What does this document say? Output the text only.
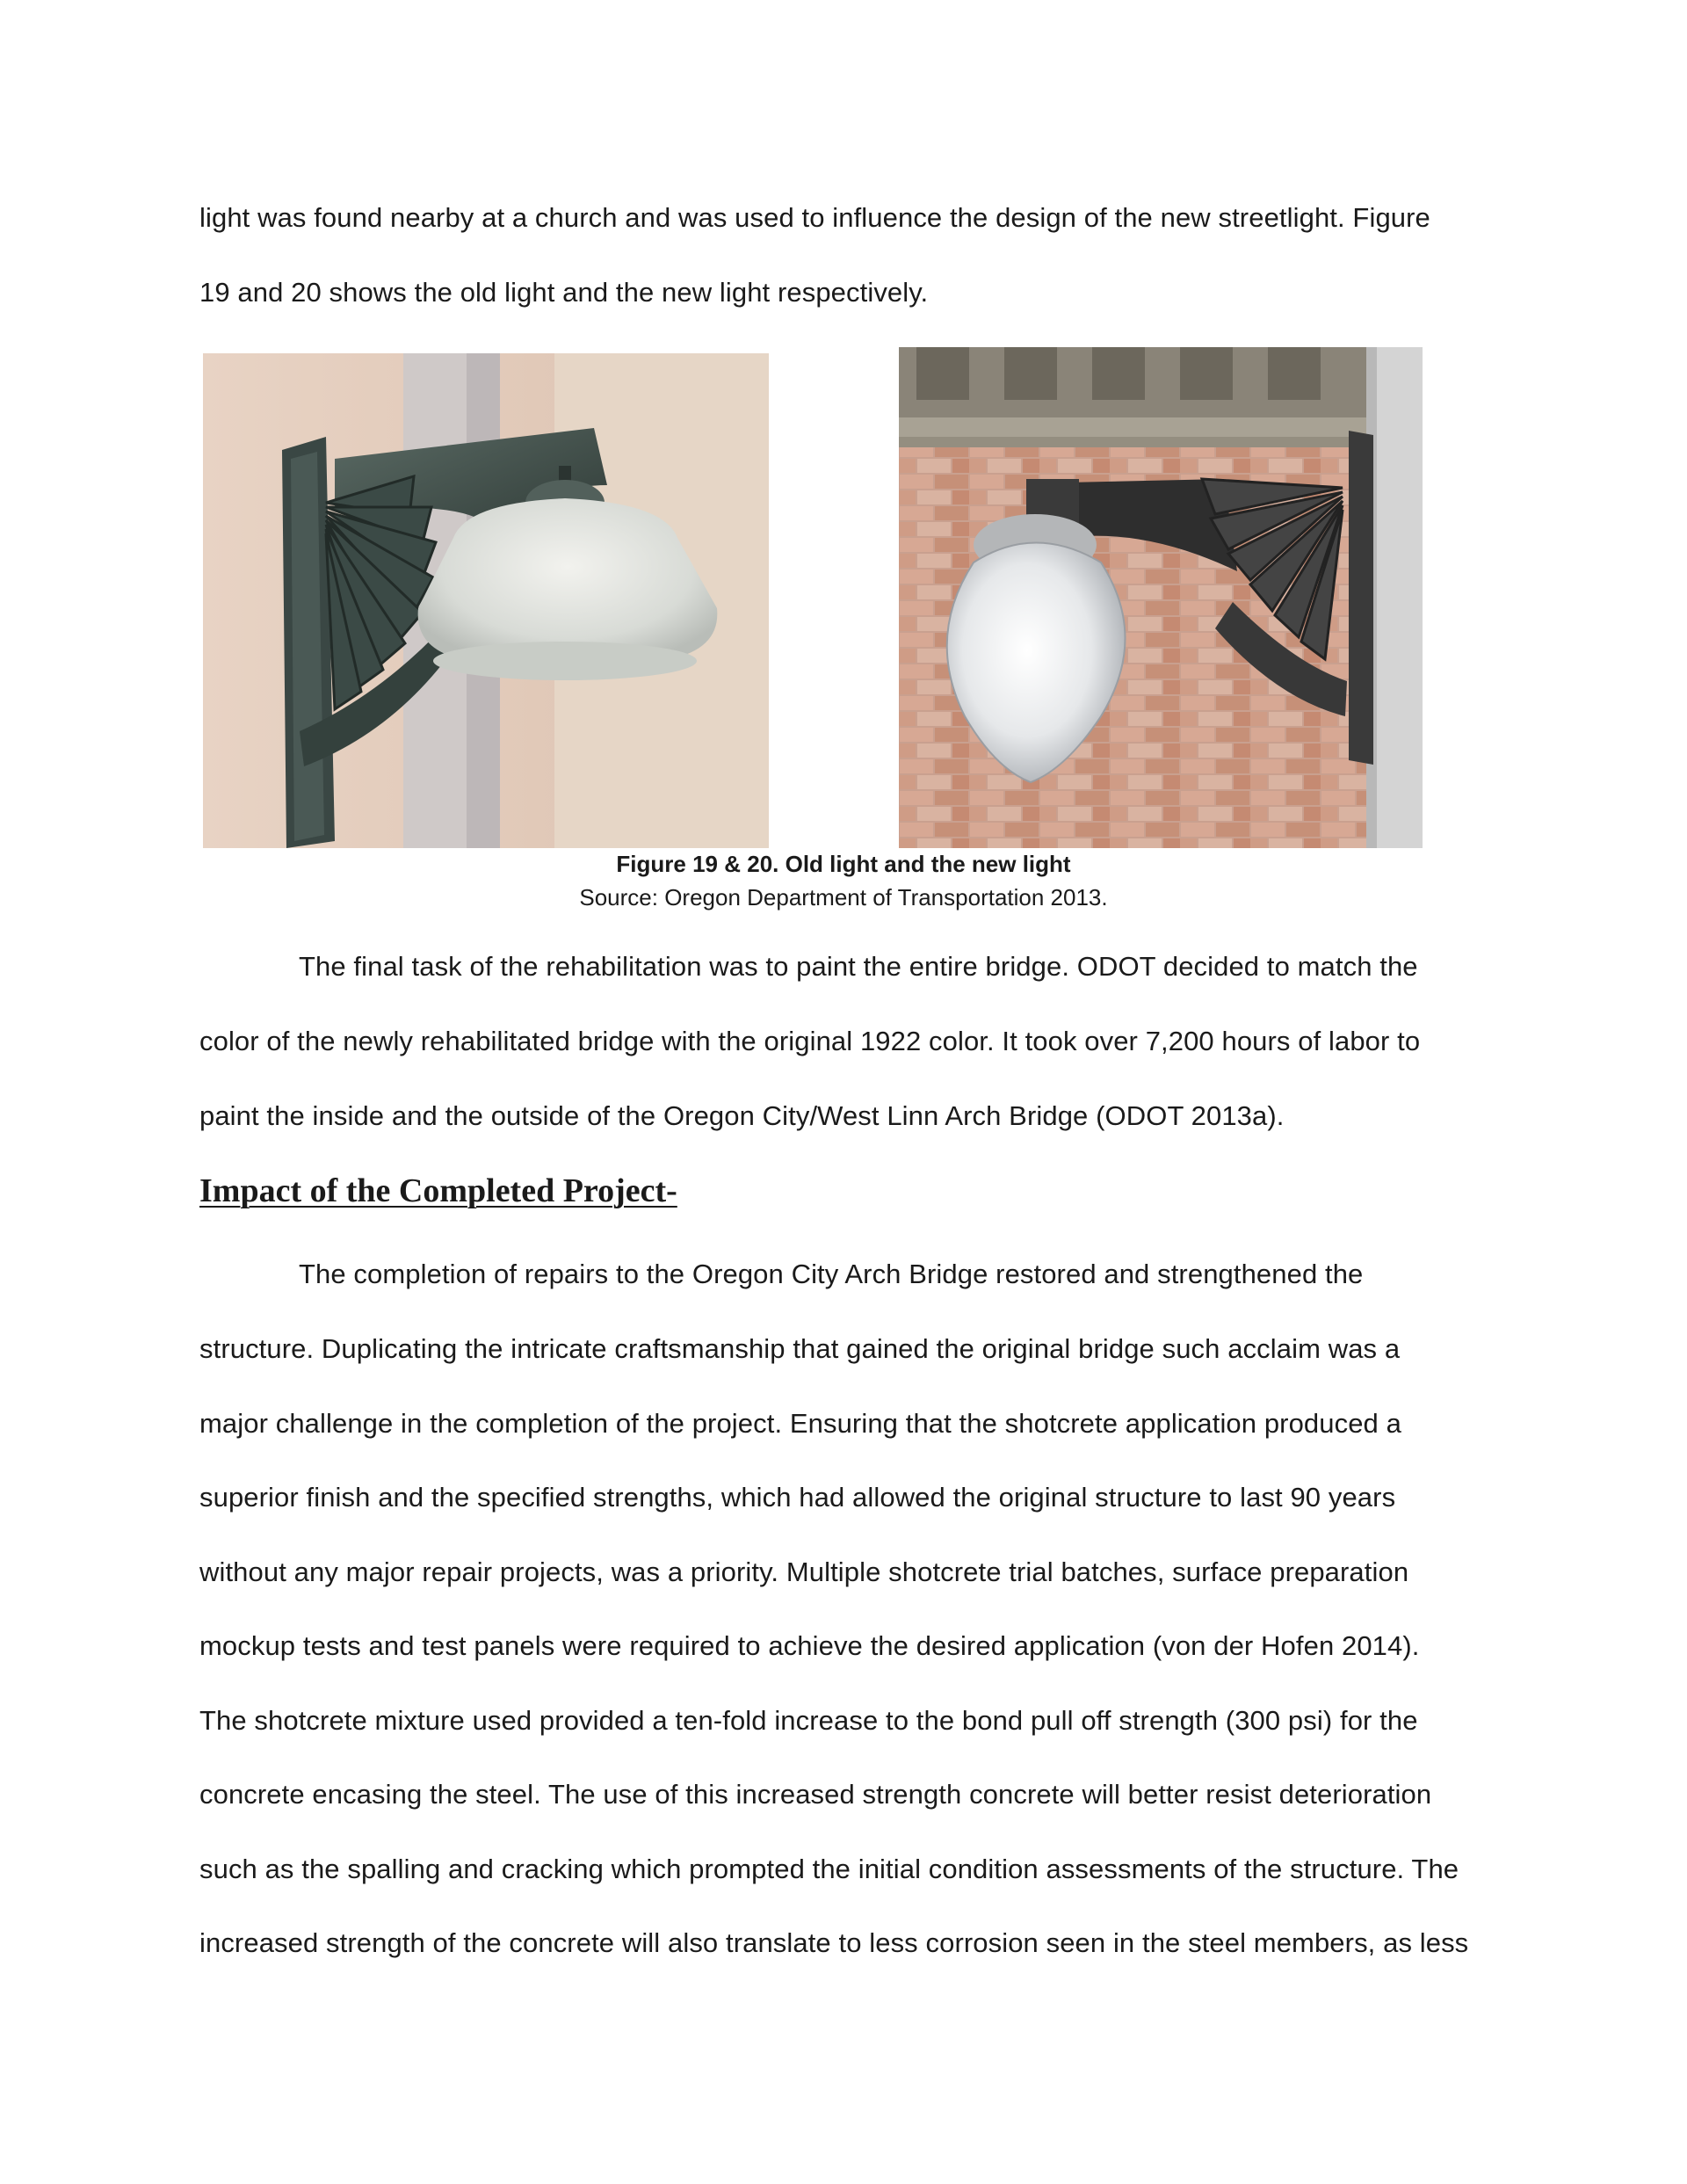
light was found nearby at a church and was used to influence the design of the new streetlight. Figure
19 and 20 shows the old light and the new light respectively.
Figure 19 & 20. Old light and the new light
Source: Oregon Department of Transportation 2013.
The final task of the rehabilitation was to paint the entire bridge. ODOT decided to match the
color of the newly rehabilitated bridge with the original 1922 color. It took over 7,200 hours of labor to
paint the inside and the outside of the Oregon City/West Linn Arch Bridge (ODOT 2013a).
Impact of the Completed Project-
The completion of repairs to the Oregon City Arch Bridge restored and strengthened the
structure. Duplicating the intricate craftsmanship that gained the original bridge such acclaim was a
major challenge in the completion of the project. Ensuring that the shotcrete application produced a
superior finish and the specified strengths, which had allowed the original structure to last 90 years
without any major repair projects, was a priority. Multiple shotcrete trial batches, surface preparation
mockup tests and test panels were required to achieve the desired application (von der Hofen 2014).
The shotcrete mixture used provided a ten-fold increase to the bond pull off strength (300 psi) for the
concrete encasing the steel. The use of this increased strength concrete will better resist deterioration
such as the spalling and cracking which prompted the initial condition assessments of the structure. The
increased strength of the concrete will also translate to less corrosion seen in the steel members, as less
